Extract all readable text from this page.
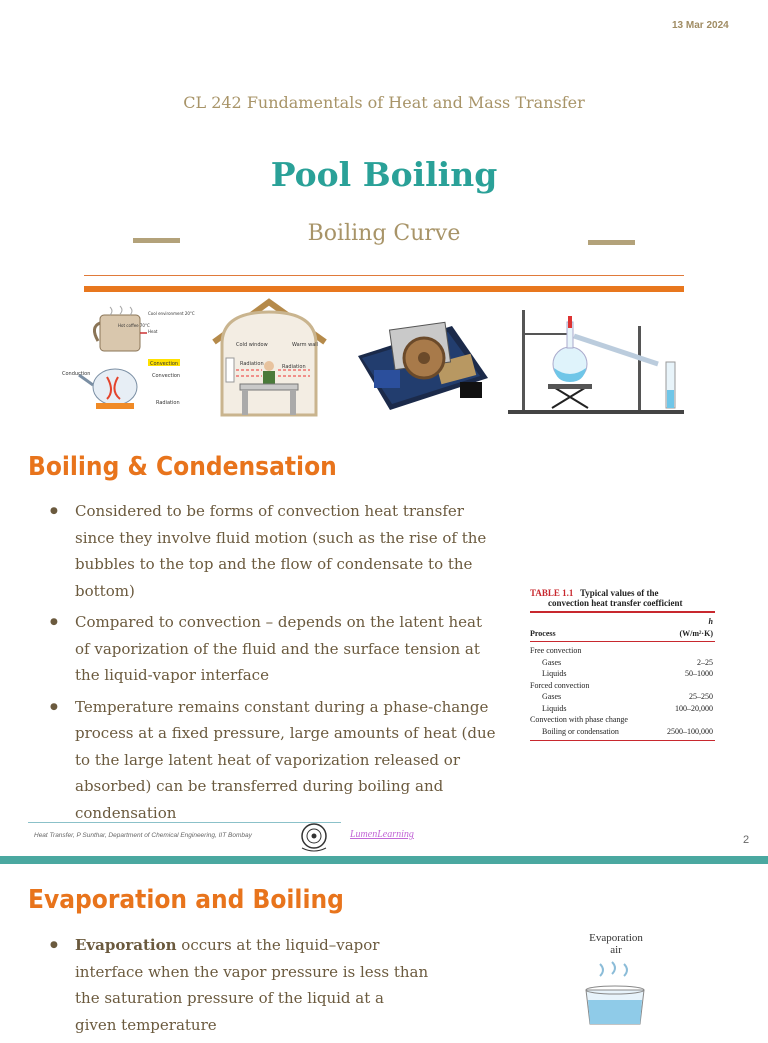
13 Mar 2024
CL 242 Fundamentals of Heat and Mass Transfer
Pool Boiling
Boiling Curve
Hot coffee 70°C
Cool environment 20°C
Heat
Convection
Conduction	Convection
Radiation
Cold window	Warm wall
Radiation	Radiation
Boiling & Condensation
● Considered to be forms of convection heat transfer since they involve fluid motion (such as the rise of the bubbles to the top and the flow of condensate to the bottom)
● Compared to convection – depends on the latent heat of vaporization of the fluid and the surface tension at the liquid-vapor interface
● Temperature remains constant during a phase-change process at a fixed pressure, large amounts of heat (due to the large latent heat of vaporization released or absorbed) can be transferred during boiling and condensation
TABLE 1.1 Typical values of the
convection heat transfer coefficient
Process	h
(W/m²·K)
Free convection	
Gases	2–25
Liquids	50–1000
Forced convection	
Gases	25–250
Liquids	100–20,000
Convection with phase change	
Boiling or condensation	2500–100,000
Heat Transfer, P Sunthar, Department of Chemical Engineering, IIT Bombay	LumenLearning	2
Evaporation and Boiling
● Evaporation occurs at the liquid–vapor interface when the vapor pressure is less than the saturation pressure of the liquid at a given temperature
Evaporation
air
